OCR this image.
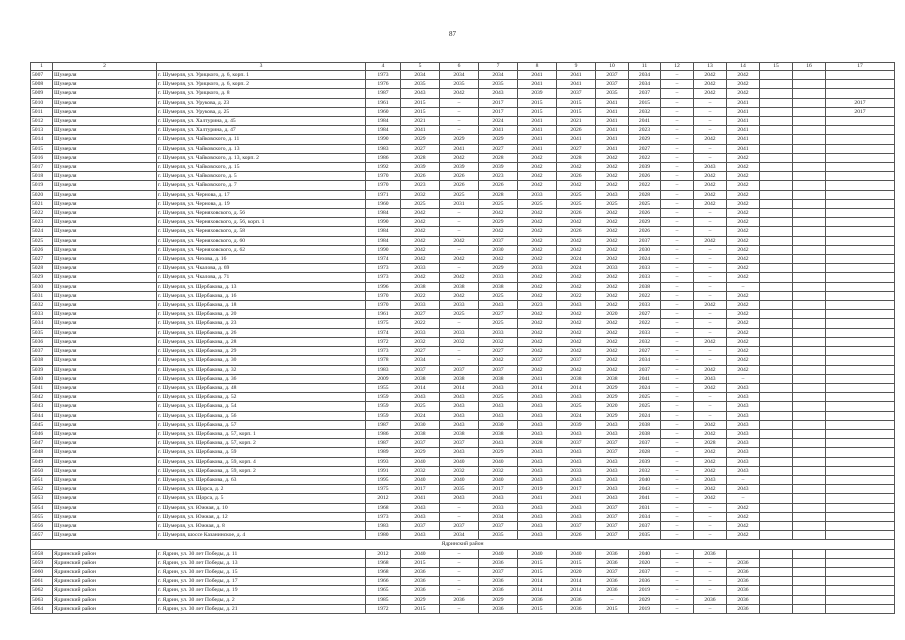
87
1	2	3	4	5	6	7	8	9	10	11	12	13	14	15	16	17
5007	Шумерля	г. Шумерля, ул. Урицкого, д. 6, корп. 1	1973	2034	2034	2034	2041	2041	2037	2034	–	2042	2042			
5008	Шумерля	г. Шумерля, ул. Урицкого, д. 6, корп. 2	1976	2035	2035	2035	2041	2041	2037	2034	–	2042	2042			
5009	Шумерля	г. Шумерля, ул. Урицкого, д. 8	1987	2043	2042	2043	2039	2037	2035	2037	–	2042	2042			
5010	Шумерля	г. Шумерля, ул. Урукова, д. 23	1961	2015	–	2017	2015	2015	2041	2015	–	–	2041			2017
5011	Шумерля	г. Шумерля, ул. Урукова, д. 25	1960	2015	–	2017	2015	2015	2041	2032	–	–	2041			2017
5012	Шумерля	г. Шумерля, ул. Халтурина, д. 45	1984	2021	–	2024	2041	2021	2041	2041	–	–	2041			
5013	Шумерля	г. Шумерля, ул. Халтурина, д. 47	1984	2041	–	2041	2041	2026	2041	2023	–	–	2041			
5014	Шумерля	г. Шумерля, ул. Чайковского, д. 11	1990	2029	2029	2029	2041	2041	2041	2029	–	2042	2041			
5015	Шумерля	г. Шумерля, ул. Чайковского, д. 13	1983	2027	2041	2027	2041	2027	2041	2027	–	–	2041			
5016	Шумерля	г. Шумерля, ул. Чайковского, д. 13, корп. 2	1986	2028	2042	2028	2042	2028	2042	2022	–	–	2042			
5017	Шумерля	г. Шумерля, ул. Чайковского, д. 15	1992	2039	2039	2039	2042	2042	2042	2039	–	2043	2042			
5018	Шумерля	г. Шумерля, ул. Чайковского, д. 5	1970	2026	2026	2023	2042	2026	2042	2026	–	2042	2042			
5019	Шумерля	г. Шумерля, ул. Чайковского, д. 7	1970	2023	2026	2026	2042	2042	2042	2022	–	2042	2042			
5020	Шумерля	г. Шумерля, ул. Чернова, д. 17	1971	2032	2025	2028	2033	2025	2043	2028	–	2042	2042			
5021	Шумерля	г. Шумерля, ул. Чернова, д. 19	1960	2025	2031	2025	2025	2025	2025	2025	–	2042	2042			
5022	Шумерля	г. Шумерля, ул. Черняховского, д. 56	1984	2042	–	2042	2042	2026	2042	2026	–	–	2042			
5023	Шумерля	г. Шумерля, ул. Черняховского, д. 56, корп. 1	1990	2042	–	2029	2042	2042	2042	2029	–	–	2042			
5024	Шумерля	г. Шумерля, ул. Черняховского, д. 58	1984	2042	–	2042	2042	2026	2042	2026	–	–	2042			
5025	Шумерля	г. Шумерля, ул. Черняховского, д. 60	1984	2042	2042	2037	2042	2042	2042	2037	–	2042	2042			
5026	Шумерля	г. Шумерля, ул. Черняховского, д. 62	1990	2042	–	2030	2042	2042	2042	2030	–	–	2042			
5027	Шумерля	г. Шумерля, ул. Чехова, д. 16	1974	2042	2042	2042	2042	2024	2042	2024	–	–	2042			
5028	Шумерля	г. Шумерля, ул. Чкалова, д. 69	1973	2033	–	2029	2033	2024	2033	2033	–	–	2042			
5029	Шумерля	г. Шумерля, ул. Чкалова, д. 71	1973	2042	2042	2033	2042	2042	2042	2033	–	–	2042			
5030	Шумерля	г. Шумерля, ул. Щербакова, д. 13	1996	2038	2038	2038	2042	2042	2042	2038	–	–	–			
5031	Шумерля	г. Шумерля, ул. Щербакова, д. 16	1970	2022	2042	2025	2042	2022	2042	2022	–	–	2042			
5032	Шумерля	г. Шумерля, ул. Щербакова, д. 18	1970	2033	2033	2043	2023	2043	2042	2033	–	2042	2042			
5033	Шумерля	г. Шумерля, ул. Щербакова, д. 20	1961	2027	2025	2027	2042	2042	2020	2027	–	–	2042			
5034	Шумерля	г. Шумерля, ул. Щербакова, д. 23	1975	2022	–	2025	2042	2042	2042	2022	–	–	2042			
5035	Шумерля	г. Шумерля, ул. Щербакова, д. 26	1974	2033	2033	2033	2042	2042	2042	2033	–	–	2042			
5036	Шумерля	г. Шумерля, ул. Щербакова, д. 28	1972	2032	2032	2032	2042	2042	2042	2032	–	2042	2042			
5037	Шумерля	г. Шумерля, ул. Щербакова, д. 29	1973	2027	–	2027	2042	2042	2042	2027	–	–	2042			
5038	Шумерля	г. Шумерля, ул. Щербакова, д. 30	1978	2034	–	2042	2037	2037	2042	2034	–	–	2042			
5039	Шумерля	г. Шумерля, ул. Щербакова, д. 32	1983	2037	2037	2037	2042	2042	2042	2037	–	2042	2042			
5040	Шумерля	г. Шумерля, ул. Щербакова, д. 36	2009	2038	2038	2038	2041	2038	2038	2041	–	2043	–			
5041	Шумерля	г. Шумерля, ул. Щербакова, д. 48	1955	2014	2014	2043	2014	2014	2029	2024	–	2042	2043			
5042	Шумерля	г. Шумерля, ул. Щербакова, д. 52	1959	2043	2043	2025	2043	2043	2029	2025	–	–	2043			
5043	Шумерля	г. Шумерля, ул. Щербакова, д. 54	1959	2025	2043	2043	2043	2025	2020	2025	–	–	2043			
5044	Шумерля	г. Шумерля, ул. Щербакова, д. 56	1959	2024	2043	2043	2043	2024	2029	2024	–	–	2043			
5045	Шумерля	г. Шумерля, ул. Щербакова, д. 57	1987	2030	2043	2030	2043	2039	2043	2038	–	2042	2043			
5046	Шумерля	г. Шумерля, ул. Щербакова, д. 57, корп. 1	1986	2038	2038	2038	2043	2043	2043	2038	–	2042	2043			
5047	Шумерля	г. Шумерля, ул. Щербакова, д. 57, корп. 2	1987	2037	2037	2043	2028	2037	2037	2037	–	2028	2043			
5048	Шумерля	г. Шумерля, ул. Щербакова, д. 59	1989	2029	2043	2029	2043	2043	2037	2028	–	2042	2043			
5049	Шумерля	г. Шумерля, ул. Щербакова, д. 59, корп. 4	1993	2040	2040	2040	2043	2043	2043	2039	–	2042	2043			
5050	Шумерля	г. Шумерля, ул. Щербакова, д. 59, корп. 2	1991	2032	2032	2032	2043	2033	2043	2032	–	2042	2043			
5051	Шумерля	г. Шумерля, ул. Щербакова, д. 63	1995	2040	2040	2040	2043	2043	2043	2040	–	2043	–			
5052	Шумерля	г. Шумерля, ул. Щорса, д. 2	1975	2017	2035	2017	2019	2017	2043	2043	–	2042	2043			
5053	Шумерля	г. Шумерля, ул. Щорса, д. 5	2012	2041	2043	2043	2041	2041	2043	2041	–	2042	–			
5054	Шумерля	г. Шумерля, ул. Южная, д. 10	1968	2043	–	2033	2043	2043	2037	2031	–	–	2042			
5055	Шумерля	г. Шумерля, ул. Южная, д. 12	1973	2043	–	2034	2043	2043	2037	2034	–	–	2042			
5056	Шумерля	г. Шумерля, ул. Южная, д. 8	1983	2037	2037	2037	2043	2037	2037	2037	–	–	2042			
5057	Шумерля	г. Шумерля, шоссе Казанинское, д. 4	1980	2043	2034	2035	2043	2026	2037	2035	–	–	2042			
Ядринский район																
5058	Ядринский район	г. Ядрин, ул. 30 лет Победы, д. 11	2012	2040	–	2040	2040	2040	2036	2040	–	2036				
5059	Ядринский район	г. Ядрин, ул. 30 лет Победы, д. 13	1968	2015	–	2036	2015	2015	2036	2020	–	–	2036			
5060	Ядринский район	г. Ядрин, ул. 30 лет Победы, д. 15	1968	2036	–	2037	2015	2020	2037	2037	–	–	2036			
5061	Ядринский район	г. Ядрин, ул. 30 лет Победы, д. 17	1966	2036	–	2036	2014	2014	2036	2036	–	–	2036			
5062	Ядринский район	г. Ядрин, ул. 30 лет Победы, д. 19	1965	2036	–	2036	2014	2014	2036	2019	–	–	2036			
5063	Ядринский район	г. Ядрин, ул. 30 лет Победы, д. 2	1985	2029	2036	2029	2036	2036	–	2029	–	2036	2036			
5064	Ядринский район	г. Ядрин, ул. 30 лет Победы, д. 21	1972	2015	–	2036	2015	2036	2015	2019	–	–	2036			
